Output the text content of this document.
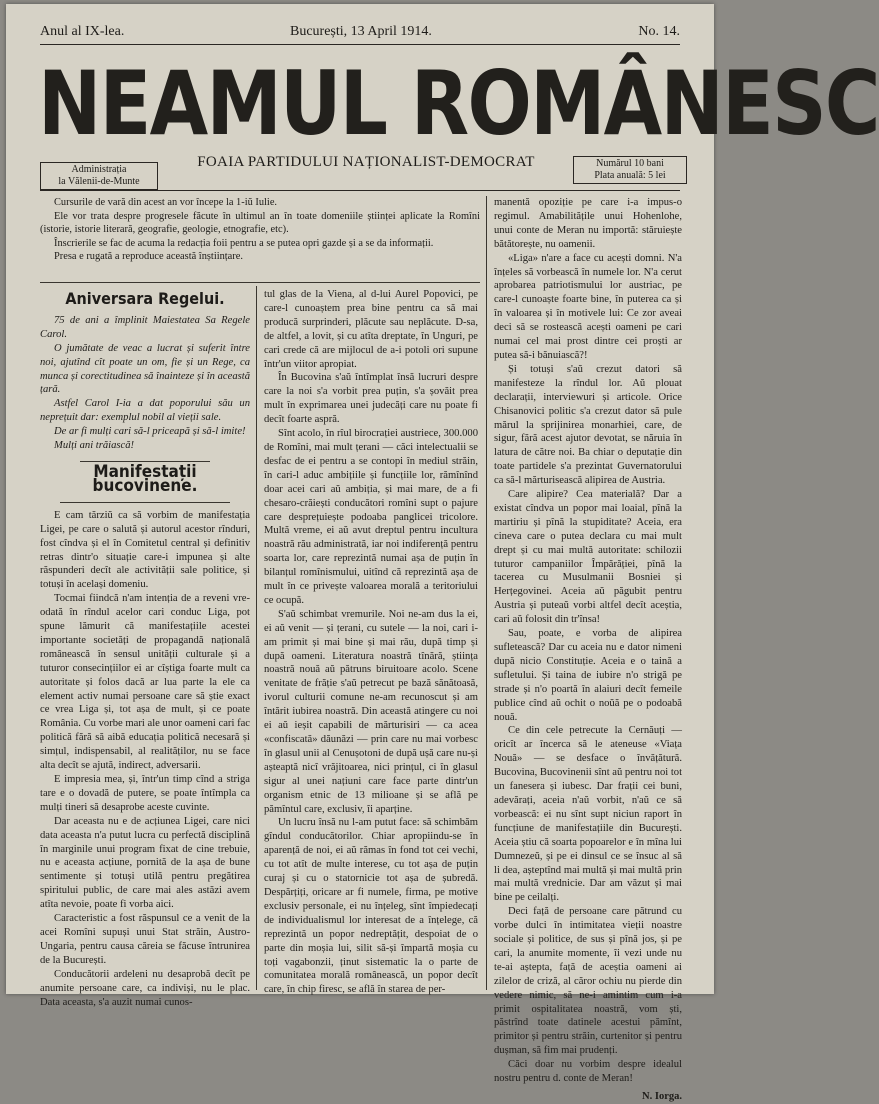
Anul al IX-lea.	București, 13 April 1914.	No. 14.
NEAMUL ROMÂNESC
Administrația
la Vălenii-de-Munte
FOAIA PARTIDULUI NAȚIONALIST-DEMOCRAT	Numărul 10 bani
Plata anuală: 5 lei

Cursurile de vară din acest an vor începe la 1-iŭ Iulie.

Ele vor trata despre progresele făcute în ultimul an în toate domeniile științei aplicate la Romîni (istorie, istorie literară, geografie, geologie, etnografie, etc).

Înscrierile se fac de acuma la redacția foii pentru a se putea opri gazde și a se da informații.

Presa e rugată a reproduce această înștiințare.

Aniversara Regelui.

75 de ani a împlinit Maiestatea Sa Regele Carol.

O jumătate de veac a lucrat și suferit între noi, ajutînd cît poate un om, fie și un Rege, ca munca și corectitudinea să înainteze și în această țară.

Astfel Carol I-ia a dat poporului său un neprețuit dar: exemplul nobil al vieții sale.

De ar fi mulți cari să-l priceapă și să-l imite!

Mulți ani trăiască!

Manifestații bucovinene.

E cam tărziŭ ca să vorbim de manifestația Ligei, pe care o salută și autorul acestor rînduri, fost cîndva și el în Comitetul central și definitiv retras dintr'o situație care-i impunea și alte răspunderi decît ale activității sale politice, și totuși în același domeniu.

Tocmai fiindcă n'am intenția de a reveni vre-odată în rîndul acelor cari conduc Liga, pot spune lămurit că manifestațiile acestei importante societăți de propagandă națională românească în sensul unității culturale și a tuturor consecințiilor ei ar cîștiga foarte mult ca autoritate și folos dacă ar lua parte la ele ca element activ numai persoane care să știe exact ce vrea Liga și, tot așa de mult, și ce poate România. Cu vorbe mari ale unor oameni cari fac politică fără să aibă educația politică necesară și simțul, indispensabil, al realităților, nu se face alta decît se ajută, indirect, adversarii.

E impresia mea, și, într'un timp cînd a striga tare e o dovadă de putere, se poate întîmpla ca mulți tineri să desaprobe aceste cuvinte.

Dar aceasta nu e de acțiunea Ligei, care nici data aceasta n'a putut lucra cu perfectă disciplină în marginile unui program fixat de cine trebuie, nu e aceasta acțiune, pornită de la așa de bune sentimente și totuși utilă pentru pregătirea spiritului public, de care mai ales astăzi avem atîta nevoie, poate fi vorba aici.

Caracteristic a fost răspunsul ce a venit de la acei Romîni supuși unui Stat străin, Austro-Ungaria, pentru causa căreia se făcuse întrunirea de la București.

Conducătorii ardeleni nu desaprobă decît pe anumite persoane care, ca indiviși, nu le plac. Data aceasta, s'a auzit numai cunos-

tul glas de la Viena, al d-lui Aurel Popovici, pe care-l cunoaștem prea bine pentru ca să mai producă surprinderi, plăcute sau neplăcute. D-sa, de altfel, a lovit, și cu atîta dreptate, în Unguri, pe cari crede că are mijlocul de a-i potoli ori supune într'un viitor apropiat.

În Bucovina s'aŭ întîmplat însă lucruri despre care la noi s'a vorbit prea puțin, s'a șovăit prea mult în exprimarea unei judecăți care nu poate fi decît foarte aspră.

Sînt acolo, în rîul birocrației austriece, 300.000 de Romîni, mai mult țerani — căci intelectualii se desfac de ei pentru a se contopi în mediul străin, în cari-l aduc ambițiile și funcțiile lor, rămînînd doar acei cari aŭ ambiția, și mai mare, de a fi chesaro-crăiești conducători romîni supt o pajure care desprețuiește podoaba panglicei tricolore. Multă vreme, ei aŭ avut dreptul pentru incultura noastră rău administrată, iar noi indiferență pentru soarta lor, care reprezintă numai așa de puțin în bilanțul romînismului, uitînd că reprezintă așa de mult în ce privește valoarea morală a teritoriului ce ocupă.

S'aŭ schimbat vremurile. Noi ne-am dus la ei, ei aŭ venit — și țerani, cu sutele — la noi, cari i-am primit și mai bine și mai rău, după timp și după oameni. Literatura noastră tînără, știința noastră nouă aŭ pătruns biruitoare acolo. Scene venitate de frăție s'aŭ petrecut pe bază sănătoasă, ivorul culturii comune ne-am recunoscut și am întărit iubirea noastră. Din această atingere cu noi ei aŭ ieșit capabili de mărturisiri — ca acea «confiscată» dăunăzi — prin care nu mai vorbesc în glasul unii al Cenușotoni de după ușă care nu-și așteaptă nicî vrăjitoarea, nici prințul, ci în glasul sigur al unei națiuni care face parte dintr'un organism etnic de 13 milioane și se află pe pămîntul care, exclusiv, îi aparține.

Un lucru însă nu l-am putut face: să schimbăm gîndul conducătorilor. Chiar apropiindu-se în aparență de noi, ei aŭ rămas în fond tot cei vechi, cu tot atît de multe interese, cu tot așa de puțin curaj și cu o statornicie tot așa de șubredă. Despărțiți, oricare ar fi numele, firma, pe motive exclusiv personale, ei nu înțeleg, sînt împiedecați de individualismul lor interesat de a înțelege, că reprezintă un popor nedreptățit, despoiat de o parte din moșia lui, silit să-și împartă moșia cu toți vagabonzii, ținut sistematic la o parte de comunitatea morală românească, un popor decît care, în chip firesc, se află în starea de per-

manentă opoziție pe care i-a impus-o regimul. Amabilitățile unui Hohenlohe, unui conte de Meran nu importă: stăruiește bătătorește, nu oamenii.

«Liga» n'are a face cu acești domni. N'a înțeles să vorbească în numele lor. N'a cerut aprobarea patriotismului lor austriac, pe care-l cunoaște foarte bine, în puterea ca și în valoarea și în motivele lui: Ce zor aveai deci să se rostească acești oameni pe cari numai cel mai prost dintre cei proști ar putea să-i bănuiască?!

Și totuși s'aŭ crezut datori să manifesteze la rîndul lor. Aŭ plouat declarații, interviewuri și articole. Orice Chisanovici politic s'a crezut dator să pule mărul la sprijinirea monarhiei, care, de sigur, fără acest ajutor devotat, se năruia în latura de către noi. Ba chiar o deputație din toate partidele s'a prezintat Guvernatorului ca să-l mărturisească alipirea de Austria.

Care alipire? Cea materială? Dar a existat cîndva un popor mai loaial, pînă la martiriu și pînă la stupiditate? Aceia, era cineva care o putea declara cu mai mult drept și cu mai multă autoritate: schilozii tuturor campaniilor Împărăției, pînă la tacerea cu Musulmanii Bosniei și Herțegovinei. Aceia aŭ păgubit pentru Austria și puteaŭ vorbi altfel decît aceștia, cari aŭ folosit din tr'însa!

Sau, poate, e vorba de alipirea sufletească? Dar cu aceia nu e dator nimeni după nicio Constituție. Aceia e o taină a sufletului. Și taina de iubire n'o strigă pe strade și n'o poartă în alaiuri decît femeile publice cînd aŭ ochit o noŭă pe o podoabă nouă.

Ce din cele petrecute la Cernăuți — oricît ar încerca să le ateneuse «Viața Nouă» — se desface o învățătură. Bucovina, Bucovinenii sînt aŭ pentru noi tot un fanesera și iubesc. Dar frații cei buni, adevărați, aceia n'aŭ vorbit, n'aŭ ce să vorbească: ei nu sînt supt niciun raport în funcțiune de manifestațiile din București. Aceia știu că soarta popoarelor e în mîna lui Dumnezeŭ, și pe ei dinsul ce se însuc al să li dea, așteptînd mai multă și mai multă prin mai multă vrednicie. Dar am văzut și mai bine pe ceilalți.

Deci față de persoane care pătrund cu vorbe dulci în intimitatea vieții noastre sociale și politice, de sus și pînă jos, și pe cari, la anumite momente, îi vezi unde nu te-ai aștepta, față de aceștia oameni ai zilelor de criză, al căror ochiu nu pierde din vedere nimic, să ne-i amintim cum i-a primit ospitalitatea noastră, vom ști, păstrînd toate datinele acestui pămînt, primitor și pentru străin, curtenitor și pentru dușman, să fim mai prudenți.

Căci doar nu vorbim despre idealul nostru pentru d. conte de Meran!

N. Iorga.
